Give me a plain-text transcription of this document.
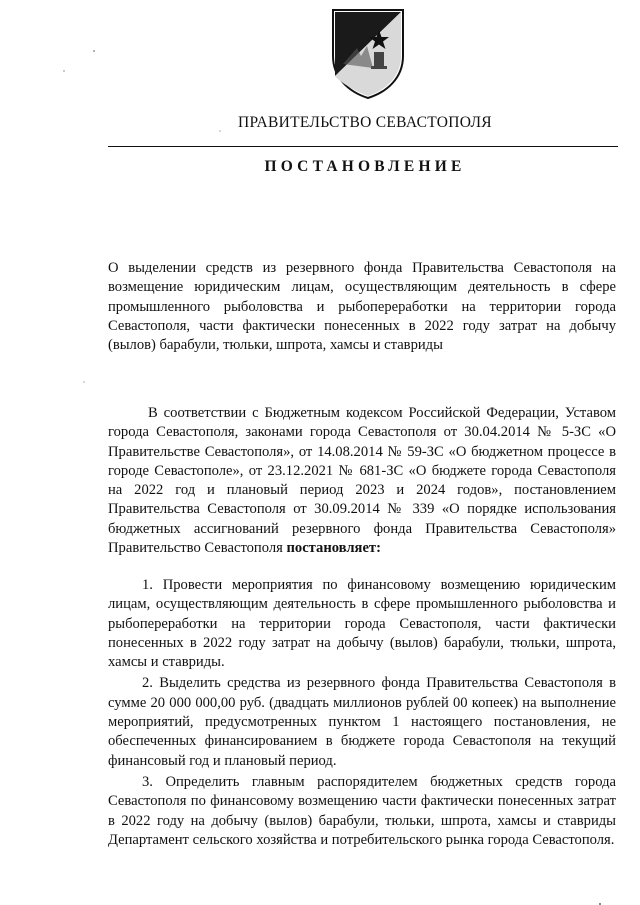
ПРАВИТЕЛЬСТВО СЕВАСТОПОЛЯ
ПОСТАНОВЛЕНИЕ
О выделении средств из резервного фонда Правительства Севастополя на возмещение юридическим лицам, осуществляющим деятельность в сфере промышленного рыболовства и рыбопереработки на территории города Севастополя, части фактически понесенных в 2022 году затрат на добычу (вылов) барабули, тюльки, шпрота, хамсы и ставриды
В соответствии с Бюджетным кодексом Российской Федерации, Уставом города Севастополя, законами города Севастополя от 30.04.2014 № 5-ЗС «О Правительстве Севастополя», от 14.08.2014 № 59-ЗС «О бюджетном процессе в городе Севастополе», от 23.12.2021 № 681-ЗС «О бюджете города Севастополя на 2022 год и плановый период 2023 и 2024 годов», постановлением Правительства Севастополя от 30.09.2014 № 339 «О порядке использования бюджетных ассигнований резервного фонда Правительства Севастополя» Правительство Севастополя постановляет:

1. Провести мероприятия по финансовому возмещению юридическим лицам, осуществляющим деятельность в сфере промышленного рыболовства и рыбопереработки на территории города Севастополя, части фактически понесенных в 2022 году затрат на добычу (вылов) барабули, тюльки, шпрота, хамсы и ставриды.

2. Выделить средства из резервного фонда Правительства Севастополя в сумме 20 000 000,00 руб. (двадцать миллионов рублей 00 копеек) на выполнение мероприятий, предусмотренных пунктом 1 настоящего постановления, не обеспеченных финансированием в бюджете города Севастополя на текущий финансовый год и плановый период.

3. Определить главным распорядителем бюджетных средств города Севастополя по финансовому возмещению части фактически понесенных затрат в 2022 году на добычу (вылов) барабули, тюльки, шпрота, хамсы и ставриды Департамент сельского хозяйства и потребительского рынка города Севастополя.
